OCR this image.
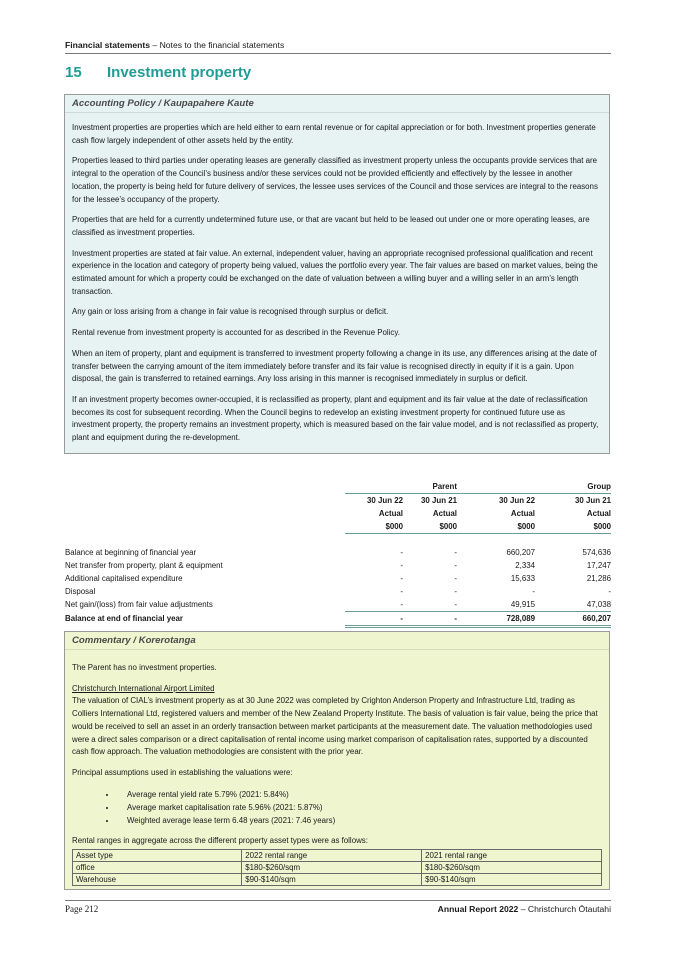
Financial statements – Notes to the financial statements
15 Investment property
Accounting Policy / Kaupapahere Kaute

Investment properties are properties which are held either to earn rental revenue or for capital appreciation or for both. Investment properties generate cash flow largely independent of other assets held by the entity.

Properties leased to third parties under operating leases are generally classified as investment property unless the occupants provide services that are integral to the operation of the Council’s business and/or these services could not be provided efficiently and effectively by the lessee in another location, the property is being held for future delivery of services, the lessee uses services of the Council and those services are integral to the reasons for the lessee’s occupancy of the property.

Properties that are held for a currently undetermined future use, or that are vacant but held to be leased out under one or more operating leases, are classified as investment properties.

Investment properties are stated at fair value. An external, independent valuer, having an appropriate recognised professional qualification and recent experience in the location and category of property being valued, values the portfolio every year. The fair values are based on market values, being the estimated amount for which a property could be exchanged on the date of valuation between a willing buyer and a willing seller in an arm’s length transaction.

Any gain or loss arising from a change in fair value is recognised through surplus or deficit.

Rental revenue from investment property is accounted for as described in the Revenue Policy.

When an item of property, plant and equipment is transferred to investment property following a change in its use, any differences arising at the date of transfer between the carrying amount of the item immediately before transfer and its fair value is recognised directly in equity if it is a gain. Upon disposal, the gain is transferred to retained earnings. Any loss arising in this manner is recognised immediately in surplus or deficit.

If an investment property becomes owner-occupied, it is reclassified as property, plant and equipment and its fair value at the date of reclassification becomes its cost for subsequent recording. When the Council begins to redevelop an existing investment property for continued future use as investment property, the property remains an investment property, which is measured based on the fair value model, and is not reclassified as property, plant and equipment during the re-development.

		Parent		Group
	30 Jun 22	30 Jun 21	30 Jun 22	30 Jun 21
	Actual	Actual	Actual	Actual
	$000	$000	$000	$000

Balance at beginning of financial year	-	-	660,207	574,636
Net transfer from property, plant & equipment	-	-	2,334	17,247
Additional capitalised expenditure	-	-	15,633	21,286
Disposal	-	-	-	-
Net gain/(loss) from fair value adjustments	-	-	49,915	47,038
Balance at end of financial year	-	-	728,089	660,207
Commentary / Korerotanga

The Parent has no investment properties.

Christchurch International Airport Limited

The valuation of CIAL’s investment property as at 30 June 2022 was completed by Crighton Anderson Property and Infrastructure Ltd, trading as Colliers International Ltd, registered valuers and member of the New Zealand Property Institute. The basis of valuation is fair value, being the price that would be received to sell an asset in an orderly transaction between market participants at the measurement date. The valuation methodologies used were a direct sales comparison or a direct capitalisation of rental income using market comparison of capitalisation rates, supported by a discounted cash flow approach. The valuation methodologies are consistent with the prior year.

Principal assumptions used in establishing the valuations were:

• Average rental yield rate 5.79% (2021: 5.84%)
• Average market capitalisation rate 5.96% (2021: 5.87%)
• Weighted average lease term 6.48 years (2021: 7.46 years)

Rental ranges in aggregate across the different property asset types were as follows:

Asset type	2022 rental range	2021 rental range
office	$180-$260/sqm	$180-$260/sqm
Warehouse	$90-$140/sqm	$90-$140/sqm
Page 212	Annual Report 2022 – Christchurch Ōtautahi
